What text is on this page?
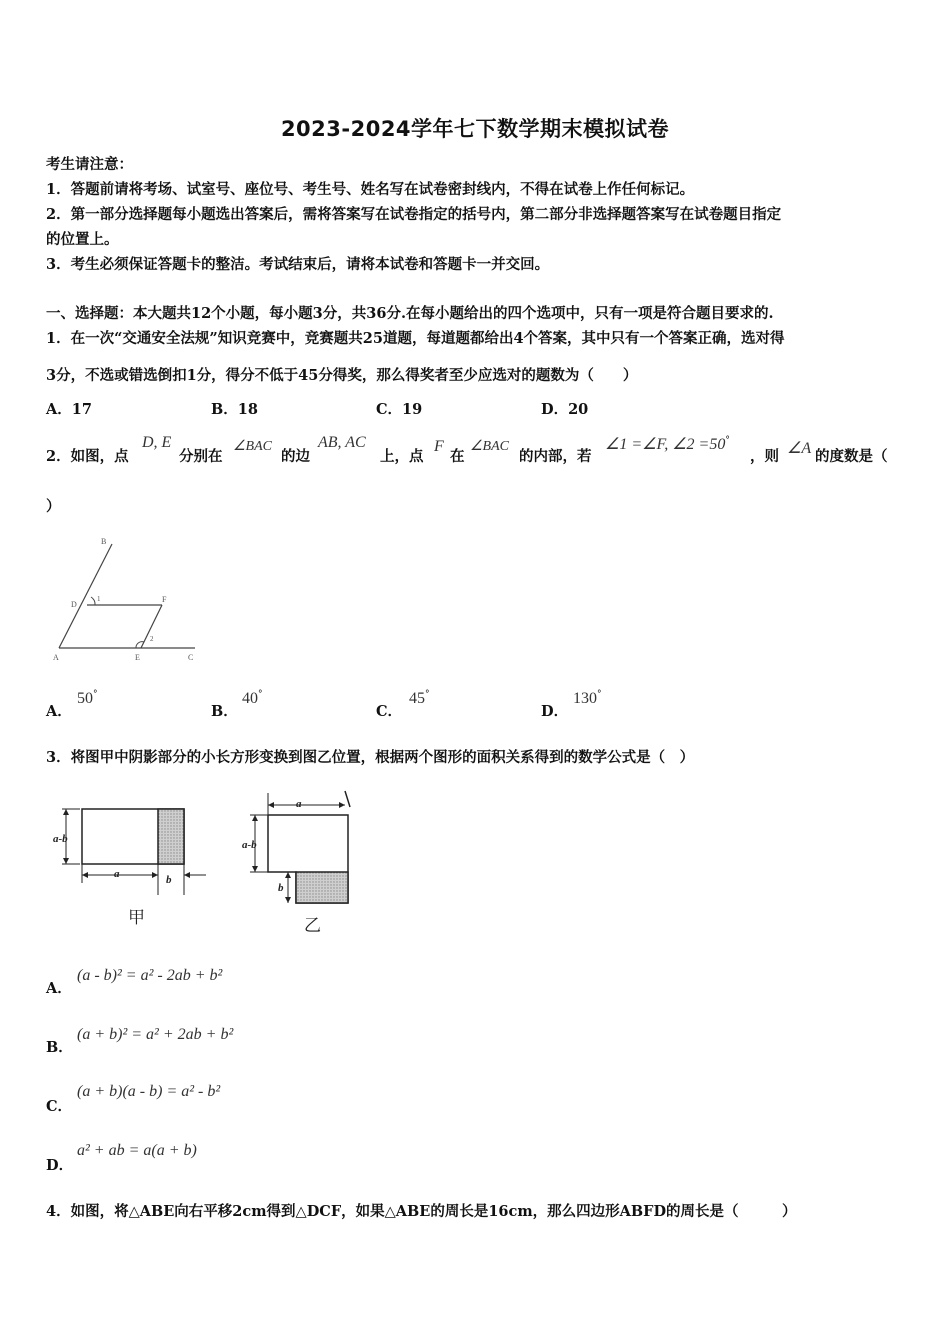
2023-2024学年七下数学期末模拟试卷
考生请注意：
1．答题前请将考场、试室号、座位号、考生号、姓名写在试卷密封线内，不得在试卷上作任何标记。
2．第一部分选择题每小题选出答案后，需将答案写在试卷指定的括号内，第二部分非选择题答案写在试卷题目指定
的位置上。
3．考生必须保证答题卡的整洁。考试结束后，请将本试卷和答题卡一并交回。
一、选择题：本大题共12个小题，每小题3分，共36分.在每小题给出的四个选项中，只有一项是符合题目要求的.
1．在一次“交通安全法规”知识竞赛中，竞赛题共25道题，每道题都给出4个答案，其中只有一个答案正确，选对得
3分，不选或错选倒扣1分，得分不低于45分得奖，那么得奖者至少应选对的题数为（　　）
A．17	B．18	C．19	D．20
2．如图，点
D, E
分别在
∠BAC
的边
AB, AC
上，点
F
在
∠BAC
的内部，若
∠1 =∠F, ∠2 =50°
，则 ∠A 的度数是（
）
B
D
1	F
2
A	E	C
A．
50°
B．
40°
C．
45°
D．
130°
3．将图甲中阴影部分的小长方形变换到图乙位置，根据两个图形的面积关系得到的数学公式是（　）
a-b
a	b
甲
a
a-b
b
乙
A．
(a - b)² = a² - 2ab + b²
B．
(a + b)² = a² + 2ab + b²
C．
(a + b)(a - b) = a² - b²
D．
a² + ab = a(a + b)
4．如图，将△ABE向右平移2cm得到△DCF，如果△ABE的周长是16cm，那么四边形ABFD的周长是（　　　）
